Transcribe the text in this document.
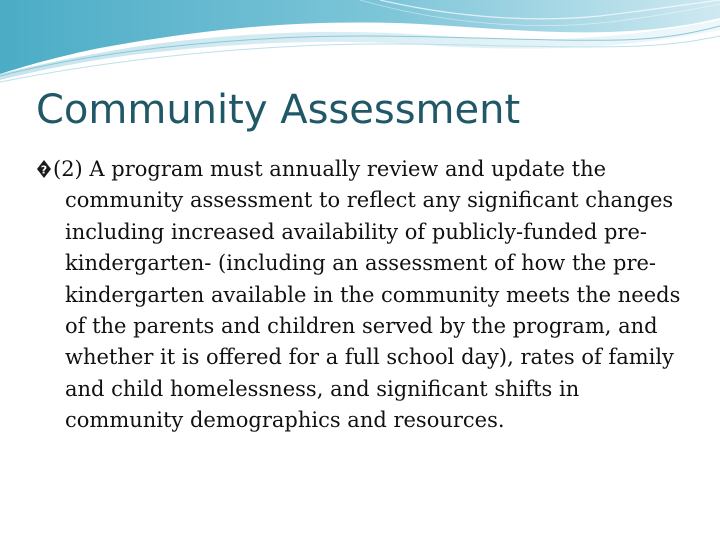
Community Assessment

? (2) A program must annually review and update the community assessment to reflect any significant changes including increased availability of publicly-funded pre-kindergarten- (including an assessment of how the pre-kindergarten available in the community meets the needs of the parents and children served by the program, and whether it is offered for a full school day), rates of family and child homelessness, and significant shifts in community demographics and resources.
